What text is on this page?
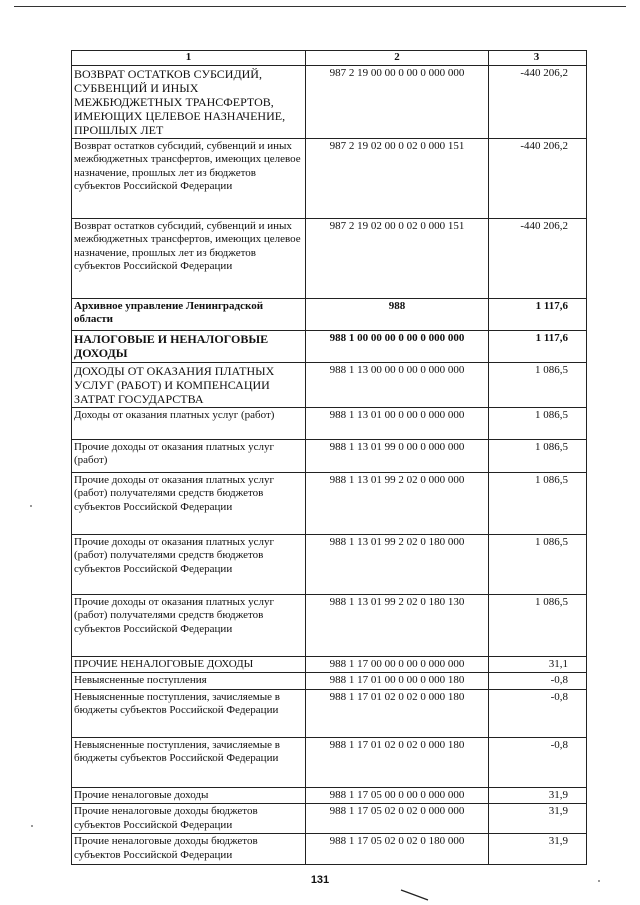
1	2	3
ВОЗВРАТ ОСТАТКОВ СУБСИДИЙ, СУБВЕНЦИЙ И ИНЫХ МЕЖБЮДЖЕТНЫХ ТРАНСФЕРТОВ, ИМЕЮЩИХ ЦЕЛЕВОЕ НАЗНАЧЕНИЕ, ПРОШЛЫХ ЛЕТ	987 2 19 00 00 0 00 0 000 000	-440 206,2
Возврат остатков субсидий, субвенций и иных межбюджетных трансфертов, имеющих целевое назначение, прошлых лет из бюджетов субъектов Российской Федерации	987 2 19 02 00 0 02 0 000 151	-440 206,2
Возврат остатков субсидий, субвенций и иных межбюджетных трансфертов, имеющих целевое назначение, прошлых лет из бюджетов субъектов Российской Федерации	987 2 19 02 00 0 02 0 000 151	-440 206,2
Архивное управление Ленинградской области	988	1 117,6
НАЛОГОВЫЕ И НЕНАЛОГОВЫЕ ДОХОДЫ	988 1 00 00 00 0 00 0 000 000	1 117,6
ДОХОДЫ ОТ ОКАЗАНИЯ ПЛАТНЫХ УСЛУГ (РАБОТ) И КОМПЕНСАЦИИ ЗАТРАТ ГОСУДАРСТВА	988 1 13 00 00 0 00 0 000 000	1 086,5
Доходы от оказания платных услуг (работ)	988 1 13 01 00 0 00 0 000 000	1 086,5
Прочие доходы от оказания платных услуг (работ)	988 1 13 01 99 0 00 0 000 000	1 086,5
Прочие доходы от оказания платных услуг (работ) получателями средств бюджетов субъектов Российской Федерации	988 1 13 01 99 2 02 0 000 000	1 086,5
Прочие доходы от оказания платных услуг (работ) получателями средств бюджетов субъектов Российской Федерации	988 1 13 01 99 2 02 0 180 000	1 086,5
Прочие доходы от оказания платных услуг (работ) получателями средств бюджетов субъектов Российской Федерации	988 1 13 01 99 2 02 0 180 130	1 086,5
ПРОЧИЕ НЕНАЛОГОВЫЕ ДОХОДЫ	988 1 17 00 00 0 00 0 000 000	31,1
Невыясненные поступления	988 1 17 01 00 0 00 0 000 180	-0,8
Невыясненные поступления, зачисляемые в бюджеты субъектов Российской Федерации	988 1 17 01 02 0 02 0 000 180	-0,8
Невыясненные поступления, зачисляемые в бюджеты субъектов Российской Федерации	988 1 17 01 02 0 02 0 000 180	-0,8
Прочие неналоговые доходы	988 1 17 05 00 0 00 0 000 000	31,9
Прочие неналоговые доходы бюджетов субъектов Российской Федерации	988 1 17 05 02 0 02 0 000 000	31,9
Прочие неналоговые доходы бюджетов субъектов Российской Федерации	988 1 17 05 02 0 02 0 180 000	31,9
131
